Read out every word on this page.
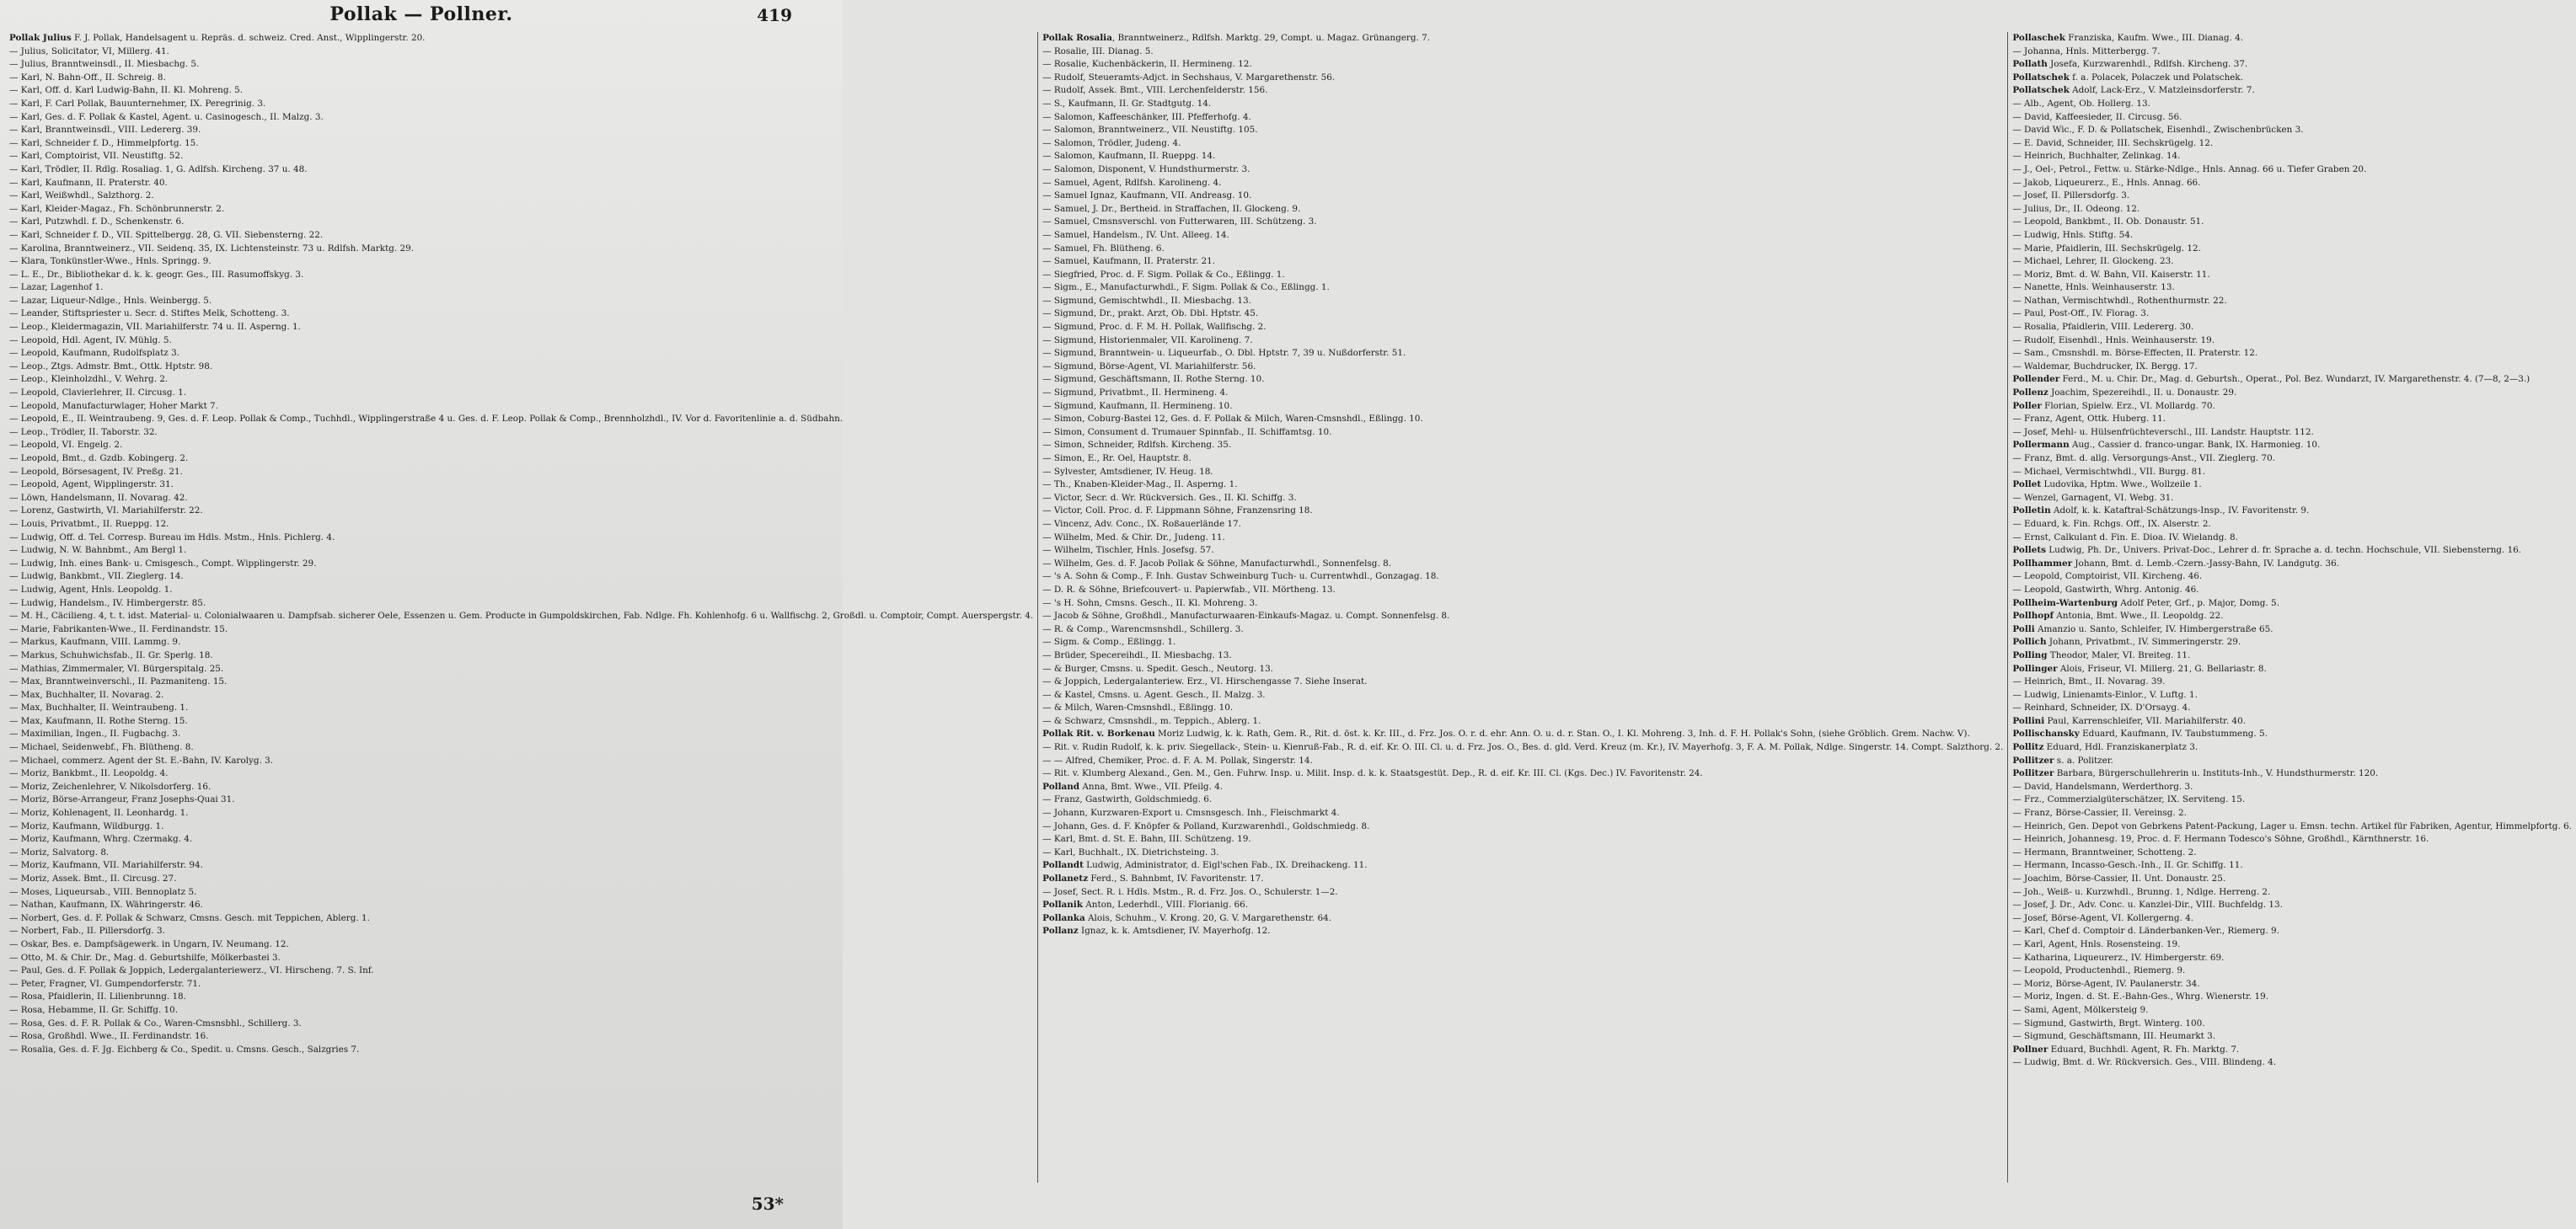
Pollak — Pollner.	419

Pollak Julius F. J. Pollak, Handelsagent u. Repräs. d. schweiz. Cred. Anst., Wipplingerstr. 20.

— Julius, Solicitator, VI, Millerg. 41.

— Julius, Branntweinsdl., II. Miesbachg. 5.

— Karl, N. Bahn-Off., II. Schreig. 8.

— Karl, Off. d. Karl Ludwig-Bahn, II. Kl. Mohreng. 5.

— Karl, F. Carl Pollak, Bauunternehmer, IX. Peregrinig. 3.

— Karl, Ges. d. F. Pollak & Kastel, Agent. u. Casinogesch., II. Malzg. 3.

— Karl, Branntweinsdl., VIII. Ledererg. 39.

— Karl, Schneider f. D., Himmelpfortg. 15.

— Karl, Comptoirist, VII. Neustiftg. 52.

— Karl, Trödler, II. Rdlg. Rosaliag. 1, G. Adlfsh. Kircheng. 37 u. 48.

— Karl, Kaufmann, II. Praterstr. 40.

— Karl, Weißwhdl., Salzthorg. 2.

— Karl, Kleider-Magaz., Fh. Schönbrunnerstr. 2.

— Karl, Putzwhdl. f. D., Schenkenstr. 6.

— Karl, Schneider f. D., VII. Spittelbergg. 28, G. VII. Siebensterng. 22.

— Karolina, Branntweinerz., VII. Seidenq. 35, IX. Lichtensteinstr. 73 u. Rdlfsh. Marktg. 29.

— Klara, Tonkünstler-Wwe., Hnls. Springg. 9.

— L. E., Dr., Bibliothekar d. k. k. geogr. Ges., III. Rasumoffskyg. 3.

— Lazar, Lagenhof 1.

— Lazar, Liqueur-Ndlge., Hnls. Weinbergg. 5.

— Leander, Stiftspriester u. Secr. d. Stiftes Melk, Schotteng. 3.

— Leop., Kleidermagazin, VII. Mariahilferstr. 74 u. II. Asperng. 1.

— Leopold, Hdl. Agent, IV. Mühlg. 5.

— Leopold, Kaufmann, Rudolfsplatz 3.

— Leop., Ztgs. Admstr. Bmt., Ottk. Hptstr. 98.

— Leop., Kleinholzdhl., V. Wehrg. 2.

— Leopold, Clavierlehrer, II. Circusg. 1.

— Leopold, Manufacturwlager, Hoher Markt 7.

— Leopold, E., II. Weintraubeng. 9, Ges. d. F. Leop. Pollak & Comp., Tuchhdl., Wipplingerstraße 4 u. Ges. d. F. Leop. Pollak & Comp., Brennholzhdl., IV. Vor d. Favoritenlinie a. d. Südbahn.

— Leop., Trödler, II. Taborstr. 32.

— Leopold, VI. Engelg. 2.

— Leopold, Bmt., d. Gzdb. Kobingerg. 2.

— Leopold, Börsesagent, IV. Preßg. 21.

— Leopold, Agent, Wipplingerstr. 31.

— Löwn, Handelsmann, II. Novarag. 42.

— Lorenz, Gastwirth, VI. Mariahilferstr. 22.

— Louis, Privatbmt., II. Rueppg. 12.

— Ludwig, Off. d. Tel. Corresp. Bureau im Hdls. Mstm., Hnls. Pichlerg. 4.

— Ludwig, N. W. Bahnbmt., Am Bergl 1.

— Ludwig, Inh. eines Bank- u. Cmisgesch., Compt. Wipplingerstr. 29.

— Ludwig, Bankbmt., VII. Zieglerg. 14.

— Ludwig, Agent, Hnls. Leopoldg. 1.

— Ludwig, Handelsm., IV. Himbergerstr. 85.

— M. H., Cäcilieng. 4, t. t. idst. Material- u. Colonialwaaren u. Dampfsab. sicherer Oele, Essenzen u. Gem. Producte in Gumpoldskirchen, Fab. Ndlge. Fh. Kohlenhofg. 6 u. Wallfischg. 2, Großdl. u. Comptoir, Compt. Auerspergstr. 4.

— Marie, Fabrikanten-Wwe., II. Ferdinandstr. 15.

— Markus, Kaufmann, VIII. Lammg. 9.

— Markus, Schuhwichsfab., II. Gr. Sperlg. 18.

— Mathias, Zimmermaler, VI. Bürgerspitalg. 25.

— Max, Branntweinverschl., II. Pazmaniteng. 15.

— Max, Buchhalter, II. Novarag. 2.

— Max, Buchhalter, II. Weintraubeng. 1.

— Max, Kaufmann, II. Rothe Sterng. 15.

— Maximilian, Ingen., II. Fugbachg. 3.

— Michael, Seidenwebf., Fh. Blütheng. 8.

— Michael, commerz. Agent der St. E.-Bahn, IV. Karolyg. 3.

— Moriz, Bankbmt., II. Leopoldg. 4.

— Moriz, Zeichenlehrer, V. Nikolsdorferg. 16.

— Moriz, Börse-Arrangeur, Franz Josephs-Quai 31.

— Moriz, Kohlenagent, II. Leonhardg. 1.

— Moriz, Kaufmann, Wildburgg. 1.

— Moriz, Kaufmann, Whrg. Czermakg. 4.

— Moriz, Salvatorg. 8.

— Moriz, Kaufmann, VII. Mariahilferstr. 94.

— Moriz, Assek. Bmt., II. Circusg. 27.

— Moses, Liqueursab., VIII. Bennoplatz 5.

— Nathan, Kaufmann, IX. Währingerstr. 46.

— Norbert, Ges. d. F. Pollak & Schwarz, Cmsns. Gesch. mit Teppichen, Ablerg. 1.

— Norbert, Fab., II. Pillersdorfg. 3.

— Oskar, Bes. e. Dampfsägewerk. in Ungarn, IV. Neumang. 12.

— Otto, M. & Chir. Dr., Mag. d. Geburtshilfe, Mölkerbastei 3.

— Paul, Ges. d. F. Pollak & Joppich, Ledergalanteriewerz., VI. Hirscheng. 7. S. Inf.

— Peter, Fragner, VI. Gumpendorferstr. 71.

— Rosa, Pfaidlerin, II. Lilienbrunng. 18.

— Rosa, Hebamme, II. Gr. Schiffg. 10.

— Rosa, Ges. d. F. R. Pollak & Co., Waren-Cmsnsbhl., Schillerg. 3.

— Rosa, Großhdl. Wwe., II. Ferdinandstr. 16.

— Rosalia, Ges. d. F. Jg. Eichberg & Co., Spedit. u. Cmsns. Gesch., Salzgries 7.

Pollak Rosalia, Branntweinerz., Rdlfsh. Marktg. 29, Compt. u. Magaz. Grünangerg. 7.

— Rosalie, III. Dianag. 5.

— Rosalie, Kuchenbäckerin, II. Hermineng. 12.

— Rudolf, Steueramts-Adjct. in Sechshaus, V. Margarethenstr. 56.

— Rudolf, Assek. Bmt., VIII. Lerchenfelderstr. 156.

— S., Kaufmann, II. Gr. Stadtgutg. 14.

— Salomon, Kaffeeschänker, III. Pfefferhofg. 4.

— Salomon, Branntweinerz., VII. Neustiftg. 105.

— Salomon, Trödler, Judeng. 4.

— Salomon, Kaufmann, II. Rueppg. 14.

— Salomon, Disponent, V. Hundsthurmerstr. 3.

— Samuel, Agent, Rdlfsh. Karolineng. 4.

— Samuel Ignaz, Kaufmann, VII. Andreasg. 10.

— Samuel, J. Dr., Bertheid. in Straffachen, II. Glockeng. 9.

— Samuel, Cmsnsverschl. von Futterwaren, III. Schützeng. 3.

— Samuel, Handelsm., IV. Unt. Alleeg. 14.

— Samuel, Fh. Blütheng. 6.

— Samuel, Kaufmann, II. Praterstr. 21.

— Siegfried, Proc. d. F. Sigm. Pollak & Co., Eßlingg. 1.

— Sigm., E., Manufacturwhdl., F. Sigm. Pollak & Co., Eßlingg. 1.

— Sigmund, Gemischtwhdl., II. Miesbachg. 13.

— Sigmund, Dr., prakt. Arzt, Ob. Dbl. Hptstr. 45.

— Sigmund, Proc. d. F. M. H. Pollak, Wallfischg. 2.

— Sigmund, Historienmaler, VII. Karolineng. 7.

— Sigmund, Branntwein- u. Liqueurfab., O. Dbl. Hptstr. 7, 39 u. Nußdorferstr. 51.

— Sigmund, Börse-Agent, VI. Mariahilferstr. 56.

— Sigmund, Geschäftsmann, II. Rothe Sterng. 10.

— Sigmund, Privatbmt., II. Hermineng. 4.

— Sigmund, Kaufmann, II. Hermineng. 10.

— Simon, Coburg-Bastei 12, Ges. d. F. Pollak & Milch, Waren-Cmsnshdl., Eßlingg. 10.

— Simon, Consument d. Trumauer Spinnfab., II. Schiffamtsg. 10.

— Simon, Schneider, Rdlfsh. Kircheng. 35.

— Simon, E., Rr. Oel, Hauptstr. 8.

— Sylvester, Amtsdiener, IV. Heug. 18.

— Th., Knaben-Kleider-Mag., II. Asperng. 1.

— Victor, Secr. d. Wr. Rückversich. Ges., II. Kl. Schiffg. 3.

— Victor, Coll. Proc. d. F. Lippmann Söhne, Franzensring 18.

— Vincenz, Adv. Conc., IX. Roßauerlände 17.

— Wilhelm, Med. & Chir. Dr., Judeng. 11.

— Wilhelm, Tischler, Hnls. Josefsg. 57.

— Wilhelm, Ges. d. F. Jacob Pollak & Söhne, Manufacturwhdl., Sonnenfelsg. 8.

— 's A. Sohn & Comp., F. Inh. Gustav Schweinburg Tuch- u. Currentwhdl., Gonzagag. 18.

— D. R. & Söhne, Briefcouvert- u. Papierwfab., VII. Mörtheng. 13.

— 's H. Sohn, Cmsns. Gesch., II. Kl. Mohreng. 3.

— Jacob & Söhne, Großhdl., Manufacturwaaren-Einkaufs-Magaz. u. Compt. Sonnenfelsg. 8.

— R. & Comp., Warencmsnshdl., Schillerg. 3.

— Sigm. & Comp., Eßlingg. 1.

— Brüder, Specereihdl., II. Miesbachg. 13.

— & Burger, Cmsns. u. Spedit. Gesch., Neutorg. 13.

— & Joppich, Ledergalanteriew. Erz., VI. Hirschengasse 7. Siehe Inserat.

— & Kastel, Cmsns. u. Agent. Gesch., II. Malzg. 3.

— & Milch, Waren-Cmsnshdl., Eßlingg. 10.

— & Schwarz, Cmsnshdl., m. Teppich., Ablerg. 1.

Pollak Rit. v. Borkenau Moriz Ludwig, k. k. Rath, Gem. R., Rit. d. öst. k. Kr. III., d. Frz. Jos. O. r. d. ehr. Ann. O. u. d. r. Stan. O., I. Kl. Mohreng. 3, Inh. d. F. H. Pollak's Sohn, (siehe Gröblich. Grem. Nachw. V).

— Rit. v. Rudin Rudolf, k. k. priv. Siegellack-, Stein- u. Kienruß-Fab., R. d. eif. Kr. O. III. Cl. u. d. Frz. Jos. O., Bes. d. gld. Verd. Kreuz (m. Kr.), IV. Mayerhofg. 3, F. A. M. Pollak, Ndlge. Singerstr. 14. Compt. Salzthorg. 2.

— — Alfred, Chemiker, Proc. d. F. A. M. Pollak, Singerstr. 14.

— Rit. v. Klumberg Alexand., Gen. M., Gen. Fuhrw. Insp. u. Milit. Insp. d. k. k. Staatsgestüt. Dep., R. d. eif. Kr. III. Cl. (Kgs. Dec.) IV. Favoritenstr. 24.

Polland Anna, Bmt. Wwe., VII. Pfeilg. 4.

— Franz, Gastwirth, Goldschmiedg. 6.

— Johann, Kurzwaren-Export u. Cmsnsgesch. Inh., Fleischmarkt 4.

— Johann, Ges. d. F. Knöpfer & Polland, Kurzwarenhdl., Goldschmiedg. 8.

— Karl, Bmt. d. St. E. Bahn, III. Schützeng. 19.

— Karl, Buchhalt., IX. Dietrichsteing. 3.

Pollandt Ludwig, Administrator, d. Eigl'schen Fab., IX. Dreihackeng. 11.

Pollanetz Ferd., S. Bahnbmt, IV. Favoritenstr. 17.

— Josef, Sect. R. i. Hdls. Mstm., R. d. Frz. Jos. O., Schulerstr. 1—2.

Pollanik Anton, Lederhdl., VIII. Florianig. 66.

Pollanka Alois, Schuhm., V. Krong. 20, G. V. Margarethenstr. 64.

Pollanz Ignaz, k. k. Amtsdiener, IV. Mayerhofg. 12.

Pollaschek Franziska, Kaufm. Wwe., III. Dianag. 4.

— Johanna, Hnls. Mitterbergg. 7.

Pollath Josefa, Kurzwarenhdl., Rdlfsh. Kircheng. 37.

Pollatschek f. a. Polacek, Polaczek und Polatschek.

Pollatschek Adolf, Lack-Erz., V. Matzleinsdorferstr. 7.

— Alb., Agent, Ob. Hollerg. 13.

— David, Kaffeesieder, II. Circusg. 56.

— David Wic., F. D. & Pollatschek, Eisenhdl., Zwischenbrücken 3.

— E. David, Schneider, III. Sechskrügelg. 12.

— Heinrich, Buchhalter, Zelinkag. 14.

— J., Oel-, Petrol., Fettw. u. Stärke-Ndlge., Hnls. Annag. 66 u. Tiefer Graben 20.

— Jakob, Liqueurerz., E., Hnls. Annag. 66.

— Josef, II. Pillersdorfg. 3.

— Julius, Dr., II. Odeong. 12.

— Leopold, Bankbmt., II. Ob. Donaustr. 51.

— Ludwig, Hnls. Stiftg. 54.

— Marie, Pfaidlerin, III. Sechskrügelg. 12.

— Michael, Lehrer, II. Glockeng. 23.

— Moriz, Bmt. d. W. Bahn, VII. Kaiserstr. 11.

— Nanette, Hnls. Weinhauserstr. 13.

— Nathan, Vermischtwhdl., Rothenthurmstr. 22.

— Paul, Post-Off., IV. Florag. 3.

— Rosalia, Pfaidlerin, VIII. Ledererg. 30.

— Rudolf, Eisenhdl., Hnls. Weinhauserstr. 19.

— Sam., Cmsnshdl. m. Börse-Effecten, II. Praterstr. 12.

— Waldemar, Buchdrucker, IX. Bergg. 17.

Pollender Ferd., M. u. Chir. Dr., Mag. d. Geburtsh., Operat., Pol. Bez. Wundarzt, IV. Margarethenstr. 4. (7—8, 2—3.)

Pollenz Joachim, Spezereihdl., II. u. Donaustr. 29.

Poller Florian, Spielw. Erz., VI. Mollardg. 70.

— Franz, Agent, Ottk. Huberg. 11.

— Josef, Mehl- u. Hülsenfrüchteverschl., III. Landstr. Hauptstr. 112.

Pollermann Aug., Cassier d. franco-ungar. Bank, IX. Harmonieg. 10.

— Franz, Bmt. d. allg. Versorgungs-Anst., VII. Zieglerg. 70.

— Michael, Vermischtwhdl., VII. Burgg. 81.

Pollet Ludovika, Hptm. Wwe., Wollzeile 1.

— Wenzel, Garnagent, VI. Webg. 31.

Polletin Adolf, k. k. Kataftral-Schätzungs-Insp., IV. Favoritenstr. 9.

— Eduard, k. Fin. Rchgs. Off., IX. Alserstr. 2.

— Ernst, Calkulant d. Fin. E. Dioa. IV. Wielandg. 8.

Pollets Ludwig, Ph. Dr., Univers. Privat-Doc., Lehrer d. fr. Sprache a. d. techn. Hochschule, VII. Siebensterng. 16.

Pollhammer Johann, Bmt. d. Lemb.-Czern.-Jassy-Bahn, IV. Landgutg. 36.

— Leopold, Comptoirist, VII. Kircheng. 46.

— Leopold, Gastwirth, Whrg. Antonig. 46.

Pollheim-Wartenburg Adolf Peter, Grf., p. Major, Domg. 5.

Pollhopf Antonia, Bmt. Wwe., II. Leopoldg. 22.

Polli Amanzio u. Santo, Schleifer, IV. Himbergerstraße 65.

Pollich Johann, Privatbmt., IV. Simmeringerstr. 29.

Polling Theodor, Maler, VI. Breiteg. 11.

Pollinger Alois, Friseur, VI. Millerg. 21, G. Bellariastr. 8.

— Heinrich, Bmt., II. Novarag. 39.

— Ludwig, Linienamts-Einlor., V. Luftg. 1.

— Reinhard, Schneider, IX. D'Orsayg. 4.

Pollini Paul, Karrenschleifer, VII. Mariahilferstr. 40.

Pollischansky Eduard, Kaufmann, IV. Taubstummeng. 5.

Pollitz Eduard, Hdl. Franziskanerplatz 3.

Pollitzer s. a. Politzer.

Pollitzer Barbara, Bürgerschullehrerin u. Instituts-Inh., V. Hundsthurmerstr. 120.

— David, Handelsmann, Werderthorg. 3.

— Frz., Commerzialgüterschätzer, IX. Serviteng. 15.

— Franz, Börse-Cassier, II. Vereinsg. 2.

— Heinrich, Gen. Depot von Gebrkens Patent-Packung, Lager u. Emsn. techn. Artikel für Fabriken, Agentur, Himmelpfortg. 6.

— Heinrich, Johannesg. 19, Proc. d. F. Hermann Todesco's Söhne, Großhdl., Kärnthnerstr. 16.

— Hermann, Branntweiner, Schotteng. 2.

— Hermann, Incasso-Gesch.-Inh., II. Gr. Schiffg. 11.

— Joachim, Börse-Cassier, II. Unt. Donaustr. 25.

— Joh., Weiß- u. Kurzwhdl., Brunng. 1, Ndlge. Herreng. 2.

— Josef, J. Dr., Adv. Conc. u. Kanzlei-Dir., VIII. Buchfeldg. 13.

— Josef, Börse-Agent, VI. Kollergerng. 4.

— Karl, Chef d. Comptoir d. Länderbanken-Ver., Riemerg. 9.

— Karl, Agent, Hnls. Rosensteing. 19.

— Katharina, Liqueurerz., IV. Himbergerstr. 69.

— Leopold, Productenhdl., Riemerg. 9.

— Moriz, Börse-Agent, IV. Paulanerstr. 34.

— Moriz, Ingen. d. St. E.-Bahn-Ges., Whrg. Wienerstr. 19.

— Sami, Agent, Mölkersteig 9.

— Sigmund, Gastwirth, Brgt. Winterg. 100.

— Sigmund, Geschäftsmann, III. Heumarkt 3.

Pollner Eduard, Buchhdl. Agent, R. Fh. Marktg. 7.

— Ludwig, Bmt. d. Wr. Rückversich. Ges., VIII. Blindeng. 4.

53*
